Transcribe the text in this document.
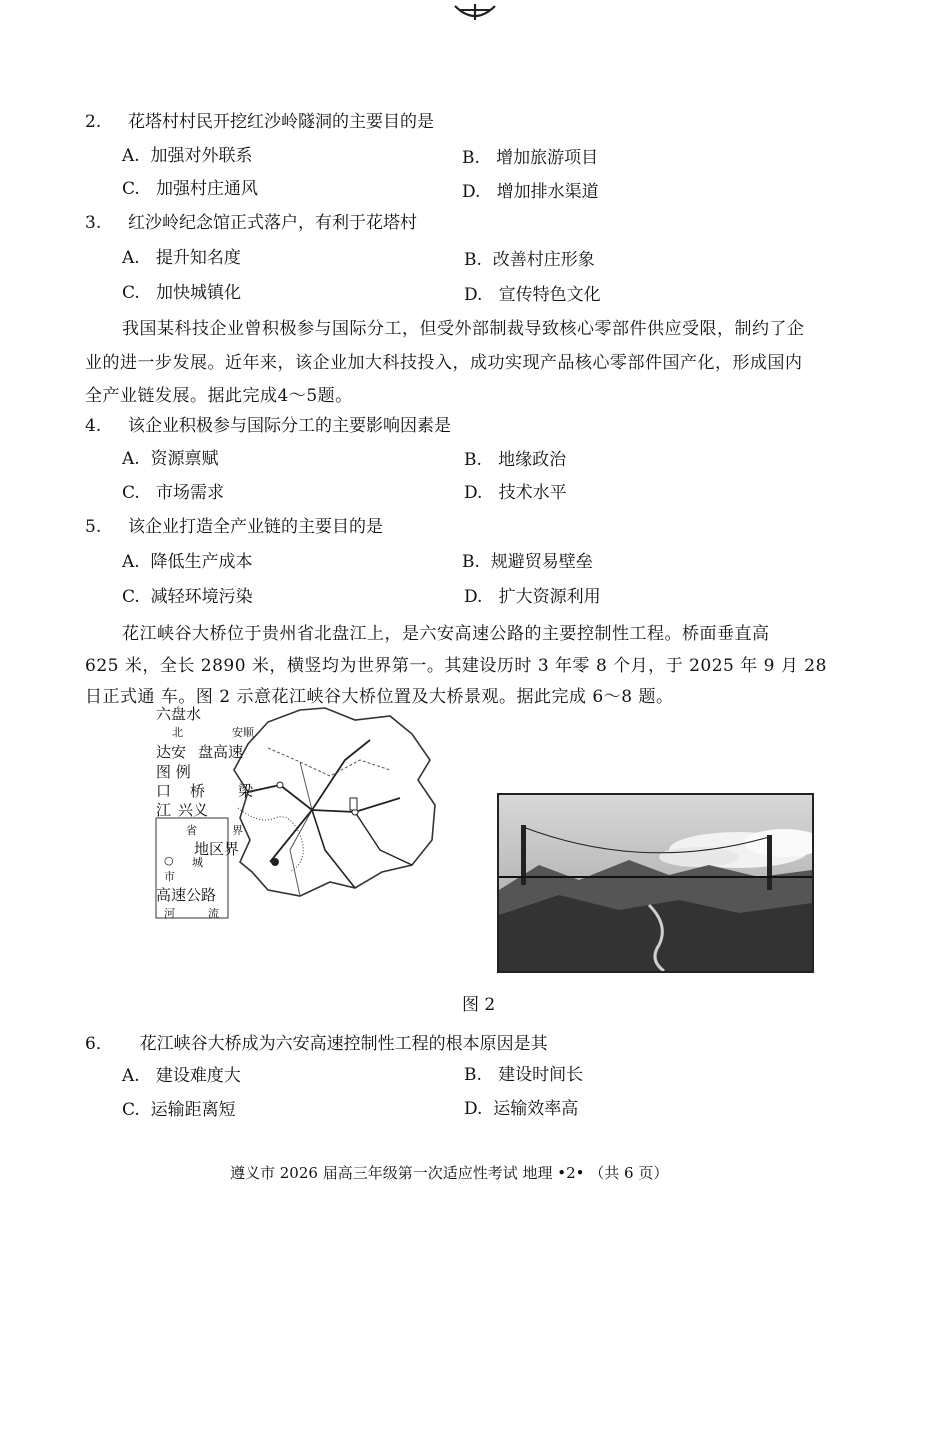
2. 花塔村村民开挖红沙岭隧洞的主要目的是
A. 加强对外联系	B. 增加旅游项目
C. 加强村庄通风	D. 增加排水渠道
3. 红沙岭纪念馆正式落户，有利于花塔村
A. 提升知名度	B. 改善村庄形象
C. 加快城镇化	D. 宣传特色文化
我国某科技企业曾积极参与国际分工，但受外部制裁导致核心零部件供应受限，制约了企
业的进一步发展。近年来，该企业加大科技投入，成功实现产品核心零部件国产化，形成国内
全产业链发展。据此完成4～5题。
4. 该企业积极参与国际分工的主要影响因素是
A. 资源禀赋	B. 地缘政治
C. 市场需求	D. 技术水平
5. 该企业打造全产业链的主要目的是
A. 降低生产成本	B. 规避贸易壁垒
C. 减轻环境污染	D. 扩大资源利用
花江峡谷大桥位于贵州省北盘江上，是六安高速公路的主要控制性工程。桥面垂直高
625 米，全长 2890 米，横竖均为世界第一。其建设历时 3 年零 8 个月，于 2025 年 9 月 28
日正式通 车。图 2 示意花江峡谷大桥位置及大桥景观。据此完成 6～8 题。
六盘水
北	安顺
达安 盘高速
图 例
口 桥 梁
江 兴义
省	界
地区界
○ 城
市
高速公路
河	流
图 2
6． 花江峡谷大桥成为六安高速控制性工程的根本原因是其
A. 建设难度大	B. 建设时间长
C. 运输距离短	D. 运输效率高
遵义市 2026 届高三年级第一次适应性考试 地理 •2• （共 6 页）
